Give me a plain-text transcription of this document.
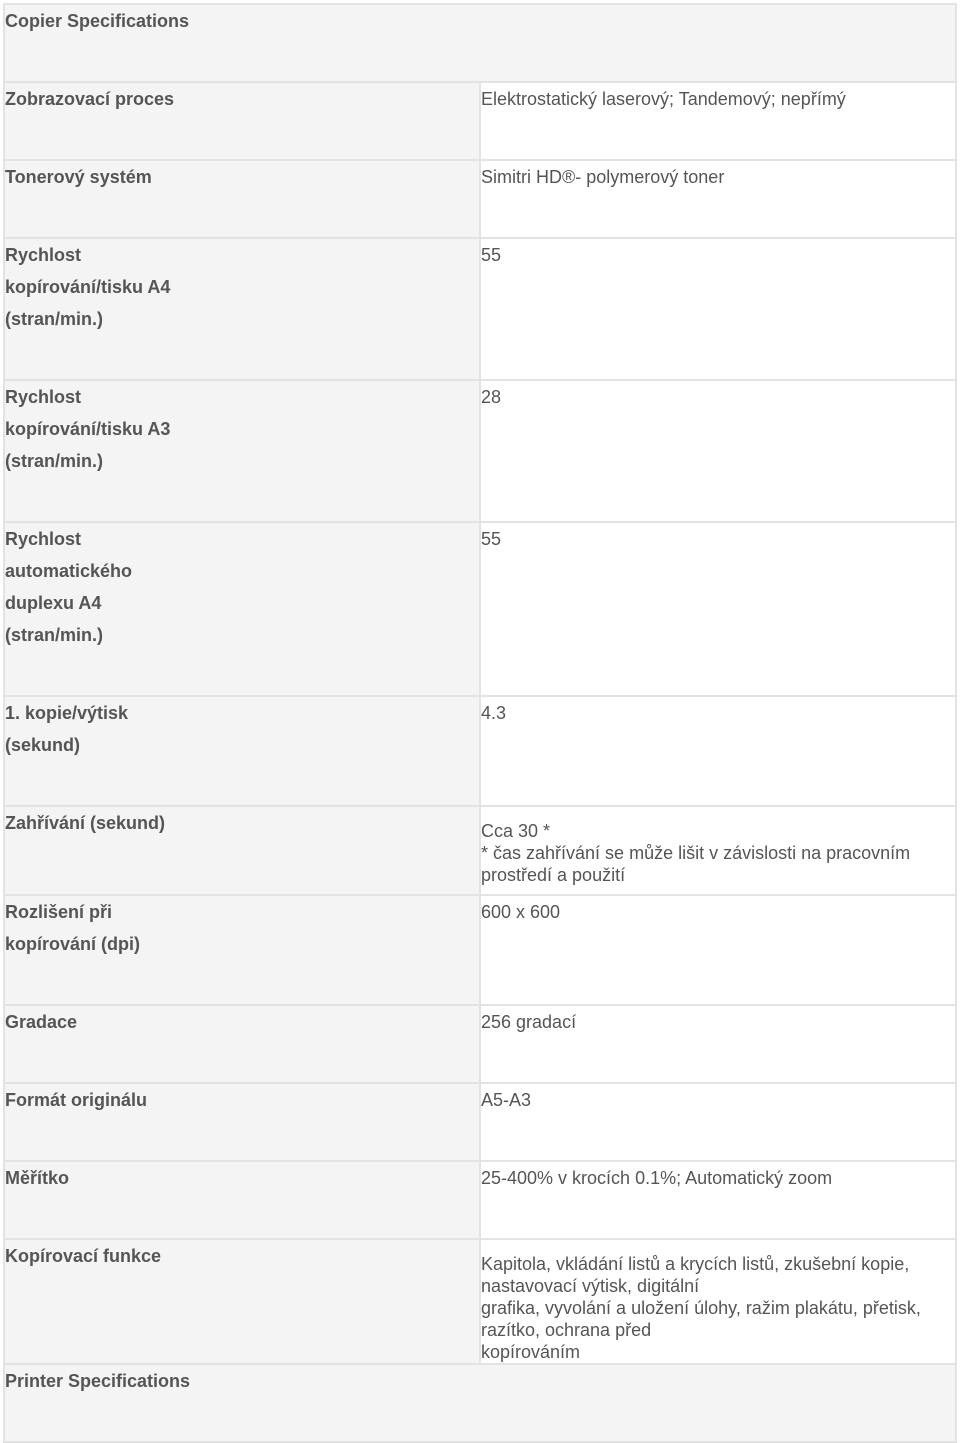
Copier Specifications	
Zobrazovací proces	Elektrostatický laserový; Tandemový; nepřímý
Tonerový systém	Simitri HD®- polymerový toner

Rychlost
kopírování/tisku A4
(stran/min.)	55

Rychlost
kopírování/tisku A3
(stran/min.)	28

Rychlost
automatického
duplexu A4
(stran/min.)	55

1. kopie/výtisk
(sekund)	4.3
Zahřívání (sekund)	Cca 30 *
* čas zahřívání se může lišit v závislosti na pracovním prostředí a použití

Rozlišení při
kopírování (dpi)	600 x 600
Gradace	256 gradací
Formát originálu	A5-A3
Měřítko	25-400% v krocích 0.1%; Automatický zoom
Kopírovací funkce	Kapitola, vkládání listů a krycích listů, zkušební kopie, nastavovací výtisk, digitální
grafika, vyvolání a uložení úlohy, ražim plakátu, přetisk, razítko, ochrana před
kopírováním

Printer Specifications	
